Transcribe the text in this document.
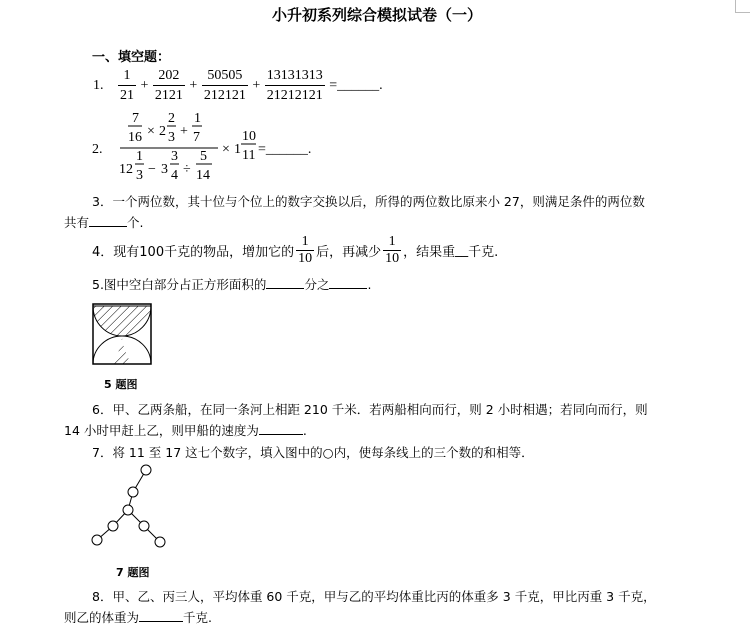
小升初系列综合模拟试卷（一）
一、填空题：
1. $\frac{1}{21} + \frac{202}{2121} + \frac{50505}{212121} + \frac{13131313}{21212121}$ =______.
2.
7
16 × 2
2
3 +
1
7
12
1
3 − 3
3
4 ÷
5
14
× 1
10
11 =______.
3．一个两位数，其十位与个位上的数字交换以后，所得的两位数比原来小 27，则满足条件的两位数
共有	个.
4．现有100千克的物品，增加它的 $\frac{1}{10}$ 后，再减少 $\frac{1}{10}$ ，结果重 __ 千克.
5.图中空白部分占正方形面积的	分之	.
5 题图
6．甲、乙两条船，在同一条河上相距 210 千米．若两船相向而行，则 2 小时相遇；若同向而行，则
14 小时甲赶上乙，则甲船的速度为	.
7．将 11 至 17 这七个数字，填入图中的○内，使每条线上的三个数的和相等．
7 题图
8．甲、乙、丙三人，平均体重 60 千克，甲与乙的平均体重比丙的体重多 3 千克，甲比丙重 3 千克，
则乙的体重为	千克.
